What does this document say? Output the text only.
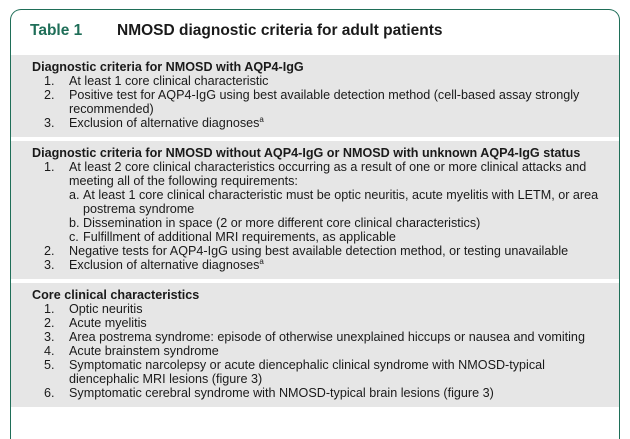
Table 1	NMOSD diagnostic criteria for adult patients
Diagnostic criteria for NMOSD with AQP4-IgG
1.	At least 1 core clinical characteristic
2.	Positive test for AQP4-IgG using best available detection method (cell-based assay strongly recommended)
3.	Exclusion of alternative diagnoses$^a$
Diagnostic criteria for NMOSD without AQP4-IgG or NMOSD with unknown AQP4-IgG status
1.	At least 2 core clinical characteristics occurring as a result of one or more clinical attacks and meeting all of the following requirements:
a. At least 1 core clinical characteristic must be optic neuritis, acute myelitis with LETM, or area postrema syndrome
b. Dissemination in space (2 or more different core clinical characteristics)
c. Fulfillment of additional MRI requirements, as applicable
2.	Negative tests for AQP4-IgG using best available detection method, or testing unavailable
3.	Exclusion of alternative diagnoses$^a$
Core clinical characteristics
1.	Optic neuritis
2.	Acute myelitis
3.	Area postrema syndrome: episode of otherwise unexplained hiccups or nausea and vomiting
4.	Acute brainstem syndrome
5.	Symptomatic narcolepsy or acute diencephalic clinical syndrome with NMOSD-typical diencephalic MRI lesions (figure 3)
6.	Symptomatic cerebral syndrome with NMOSD-typical brain lesions (figure 3)
